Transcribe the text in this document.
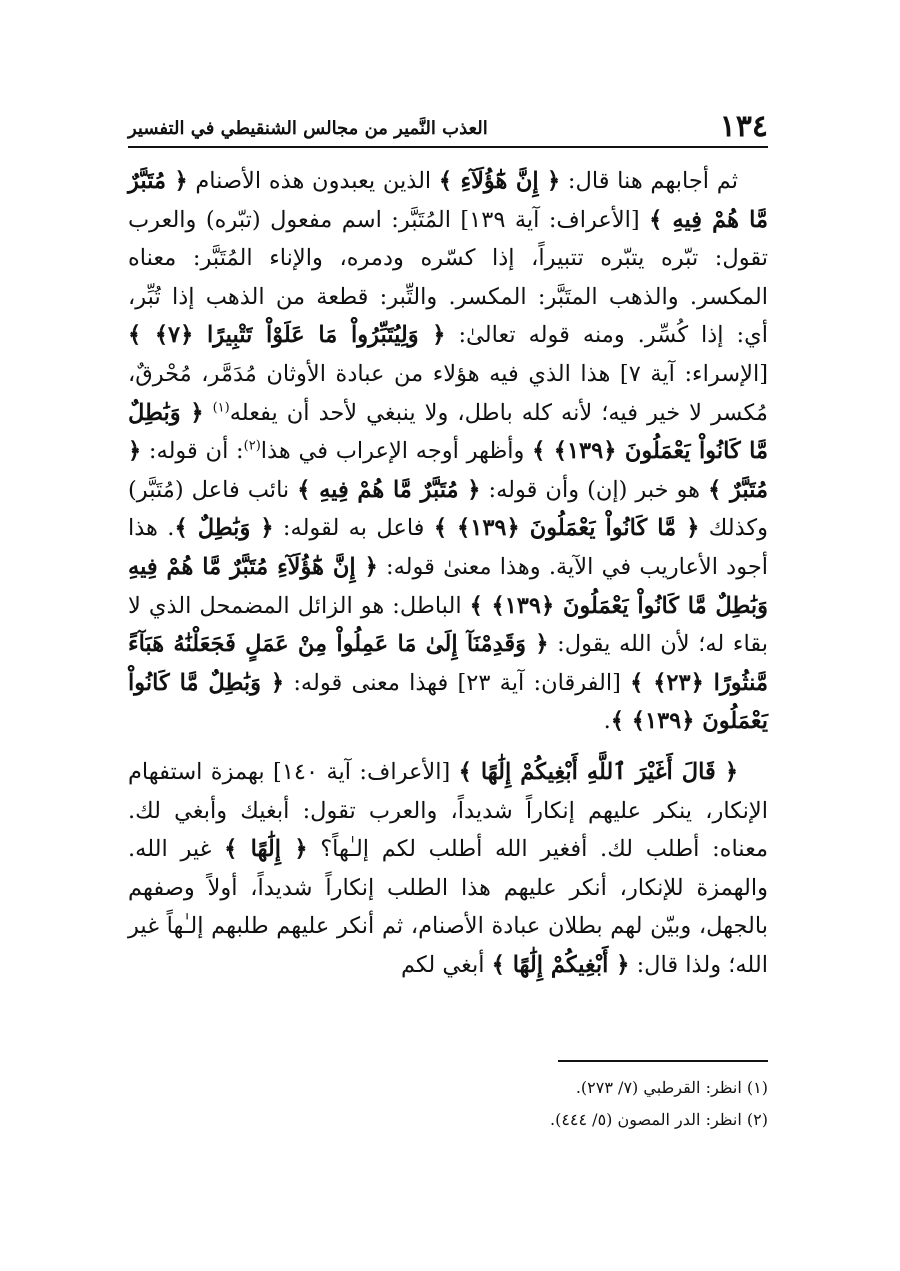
١٣٤
العذب النَّمير من مجالس الشنقيطي في التفسير

ثم أجابهم هنا قال: ﴿ إِنَّ هَٰٓؤُلَآءِ ﴾ الذين يعبدون هذه الأصنام ﴿ مُتَبَّرٌ مَّا هُمْ فِيهِ ﴾ [الأعراف: آية ١٣٩] المُتَبَّر: اسم مفعول (تبّره) والعرب تقول: تبّره يتبّره تتبيراً، إذا كسّره ودمره، والإناء المُتَبَّر: معناه المكسر. والذهب المتَبَّر: المكسر. والتِّبر: قطعة من الذهب إذا تُبِّر، أي: إذا كُسِّر. ومنه قوله تعالىٰ: ﴿ وَلِيُتَبِّرُواْ مَا عَلَوْاْ تَتْبِيرًا ﴿٧﴾ ﴾ [الإسراء: آية ٧] هذا الذي فيه هؤلاء من عبادة الأوثان مُدَمَّر، مُحْرقٌ، مُكسر لا خير فيه؛ لأنه كله باطل، ولا ينبغي لأحد أن يفعله$^{(١)}$ ﴿ وَبَٰطِلٌ مَّا كَانُواْ يَعْمَلُونَ ﴿١٣٩﴾ ﴾ وأظهر أوجه الإعراب في هذا$^{(٢)}$: أن قوله: ﴿ مُتَبَّرٌ ﴾ هو خبر (إن) وأن قوله: ﴿ مُتَبَّرٌ مَّا هُمْ فِيهِ ﴾ نائب فاعل (مُتَبَّر) وكذلك ﴿ مَّا كَانُواْ يَعْمَلُونَ ﴿١٣٩﴾ ﴾ فاعل به لقوله: ﴿ وَبَٰطِلٌ ﴾. هذا أجود الأعاريب في الآية. وهذا معنىٰ قوله: ﴿ إِنَّ هَٰٓؤُلَآءِ مُتَبَّرٌ مَّا هُمْ فِيهِ وَبَٰطِلٌ مَّا كَانُواْ يَعْمَلُونَ ﴿١٣٩﴾ ﴾ الباطل: هو الزائل المضمحل الذي لا بقاء له؛ لأن الله يقول: ﴿ وَقَدِمْنَآ إِلَىٰ مَا عَمِلُواْ مِنْ عَمَلٍ فَجَعَلْنَٰهُ هَبَآءً مَّنثُورًا ﴿٢٣﴾ ﴾ [الفرقان: آية ٢٣] فهذا معنى قوله: ﴿ وَبَٰطِلٌ مَّا كَانُواْ يَعْمَلُونَ ﴿١٣٩﴾ ﴾.

﴿ قَالَ أَغَيْرَ ٱللَّهِ أَبْغِيكُمْ إِلَٰهًا ﴾ [الأعراف: آية ١٤٠] بهمزة استفهام الإنكار، ينكر عليهم إنكاراً شديداً، والعرب تقول: أبغيك وأبغي لك. معناه: أطلب لك. أفغير الله أطلب لكم إلـٰهاً؟ ﴿ إِلَٰهًا ﴾ غير الله. والهمزة للإنكار، أنكر عليهم هذا الطلب إنكاراً شديداً، أولاً وصفهم بالجهل، وبيّن لهم بطلان عبادة الأصنام، ثم أنكر عليهم طلبهم إلـٰهاً غير الله؛ ولذا قال: ﴿ أَبْغِيكُمْ إِلَٰهًا ﴾ أبغي لكم

(١) انظر: القرطبي (٧/ ٢٧٣).

(٢) انظر: الدر المصون (٥/ ٤٤٤).
